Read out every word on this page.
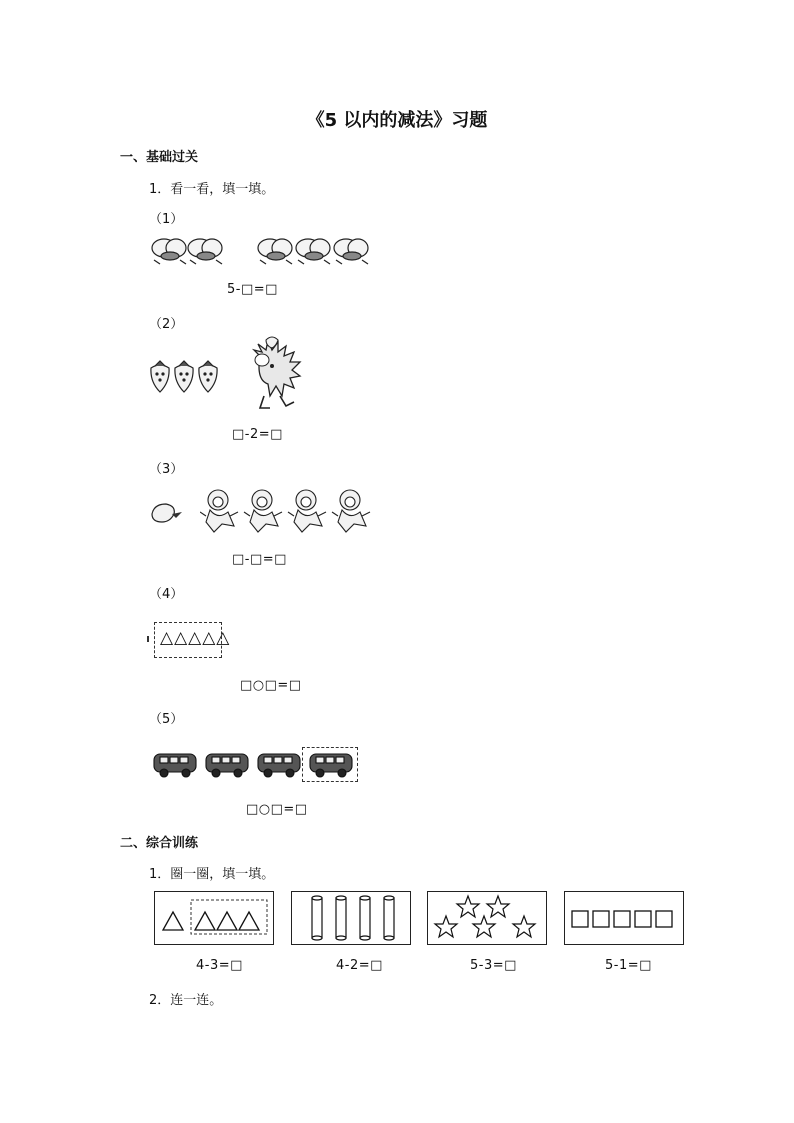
《5 以内的减法》习题
一、基础过关
1．看一看，填一填。
（1）
5-□=□
（2）
□-2=□
（3）
□-□=□
（4）
△△△△△
□○□=□
（5）
□○□=□
二、综合训练
1．圈一圈，填一填。
4-3=□	4-2=□	5-3=□	5-1=□
2．连一连。
